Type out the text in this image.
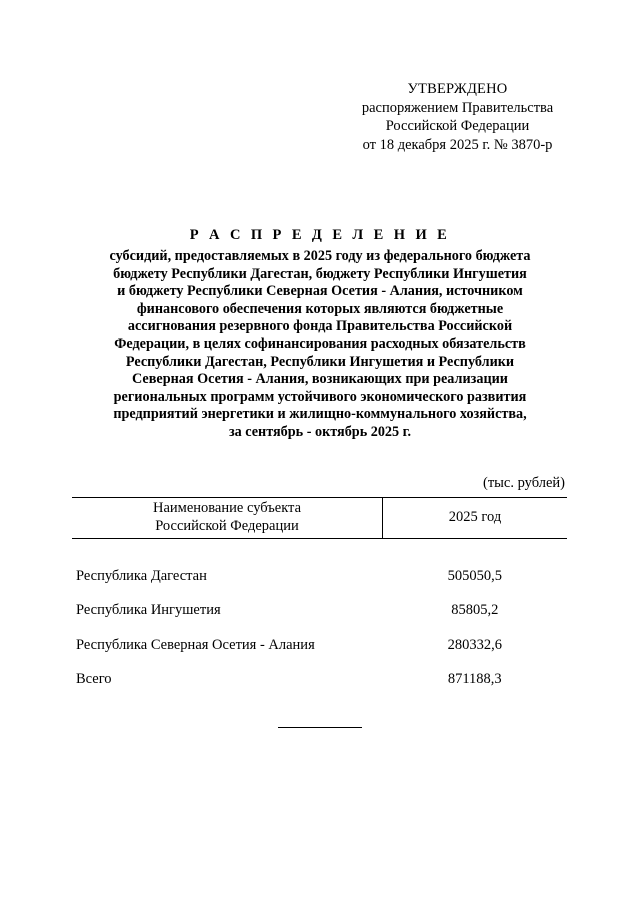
УТВЕРЖДЕНО
распоряжением Правительства
Российской Федерации
от 18 декабря 2025 г. № 3870-р
Р А С П Р Е Д Е Л Е Н И Е
субсидий, предоставляемых в 2025 году из федерального бюджета
бюджету Республики Дагестан, бюджету Республики Ингушетия
и бюджету Республики Северная Осетия - Алания, источником
финансового обеспечения которых являются бюджетные
ассигнования резервного фонда Правительства Российской
Федерации, в целях софинансирования расходных обязательств
Республики Дагестан, Республики Ингушетия и Республики
Северная Осетия - Алания, возникающих при реализации
региональных программ устойчивого экономического развития
предприятий энергетики и жилищно-коммунального хозяйства,
за сентябрь - октябрь 2025 г.
(тыс. рублей)
Наименование субъекта
Российской Федерации	2025 год
Республика Дагестан	505050,5
Республика Ингушетия	85805,2
Республика Северная Осетия - Алания	280332,6
Всего	871188,3
